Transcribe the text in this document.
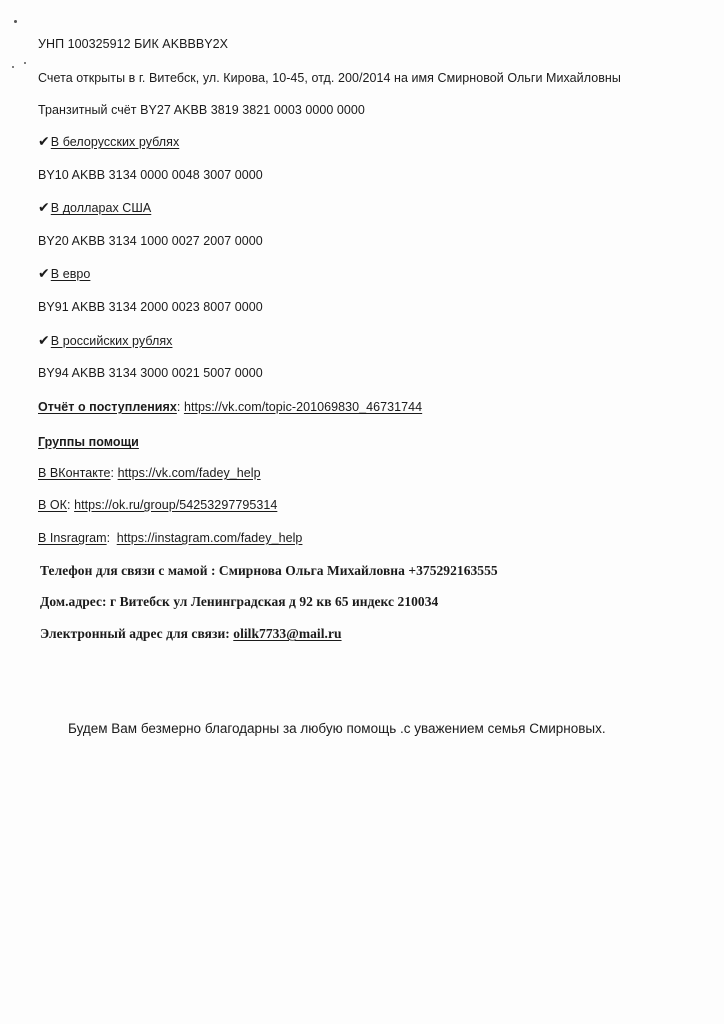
УНП 100325912 БИК AKBBBY2X
Счета открыты в г. Витебск, ул. Кирова, 10-45, отд. 200/2014 на имя Смирновой Ольги Михайловны
Транзитный счёт BY27 AKBB 3819 3821 0003 0000 0000
✔В белорусских рублях
BY10 AKBB 3134 0000 0048 3007 0000
✔В долларах США
BY20 AKBB 3134 1000 0027 2007 0000
✔В евро
BY91 AKBB 3134 2000 0023 8007 0000
✔В российских рублях
BY94 AKBB 3134 3000 0021 5007 0000
Отчёт о поступлениях: https://vk.com/topic-201069830_46731744
Группы помощи
В ВКонтакте: https://vk.com/fadey_help
В ОК: https://ok.ru/group/54253297795314
В Insragram: https://instagram.com/fadey_help
Телефон для связи с мамой : Смирнова Ольга Михайловна +375292163555
Дом.адрес: г Витебск ул Ленинградская д 92 кв 65 индекс 210034
Электронный адрес для связи: olilk7733@mail.ru
Будем Вам безмерно благодарны за любую помощь .с уважением семья Смирновых.
